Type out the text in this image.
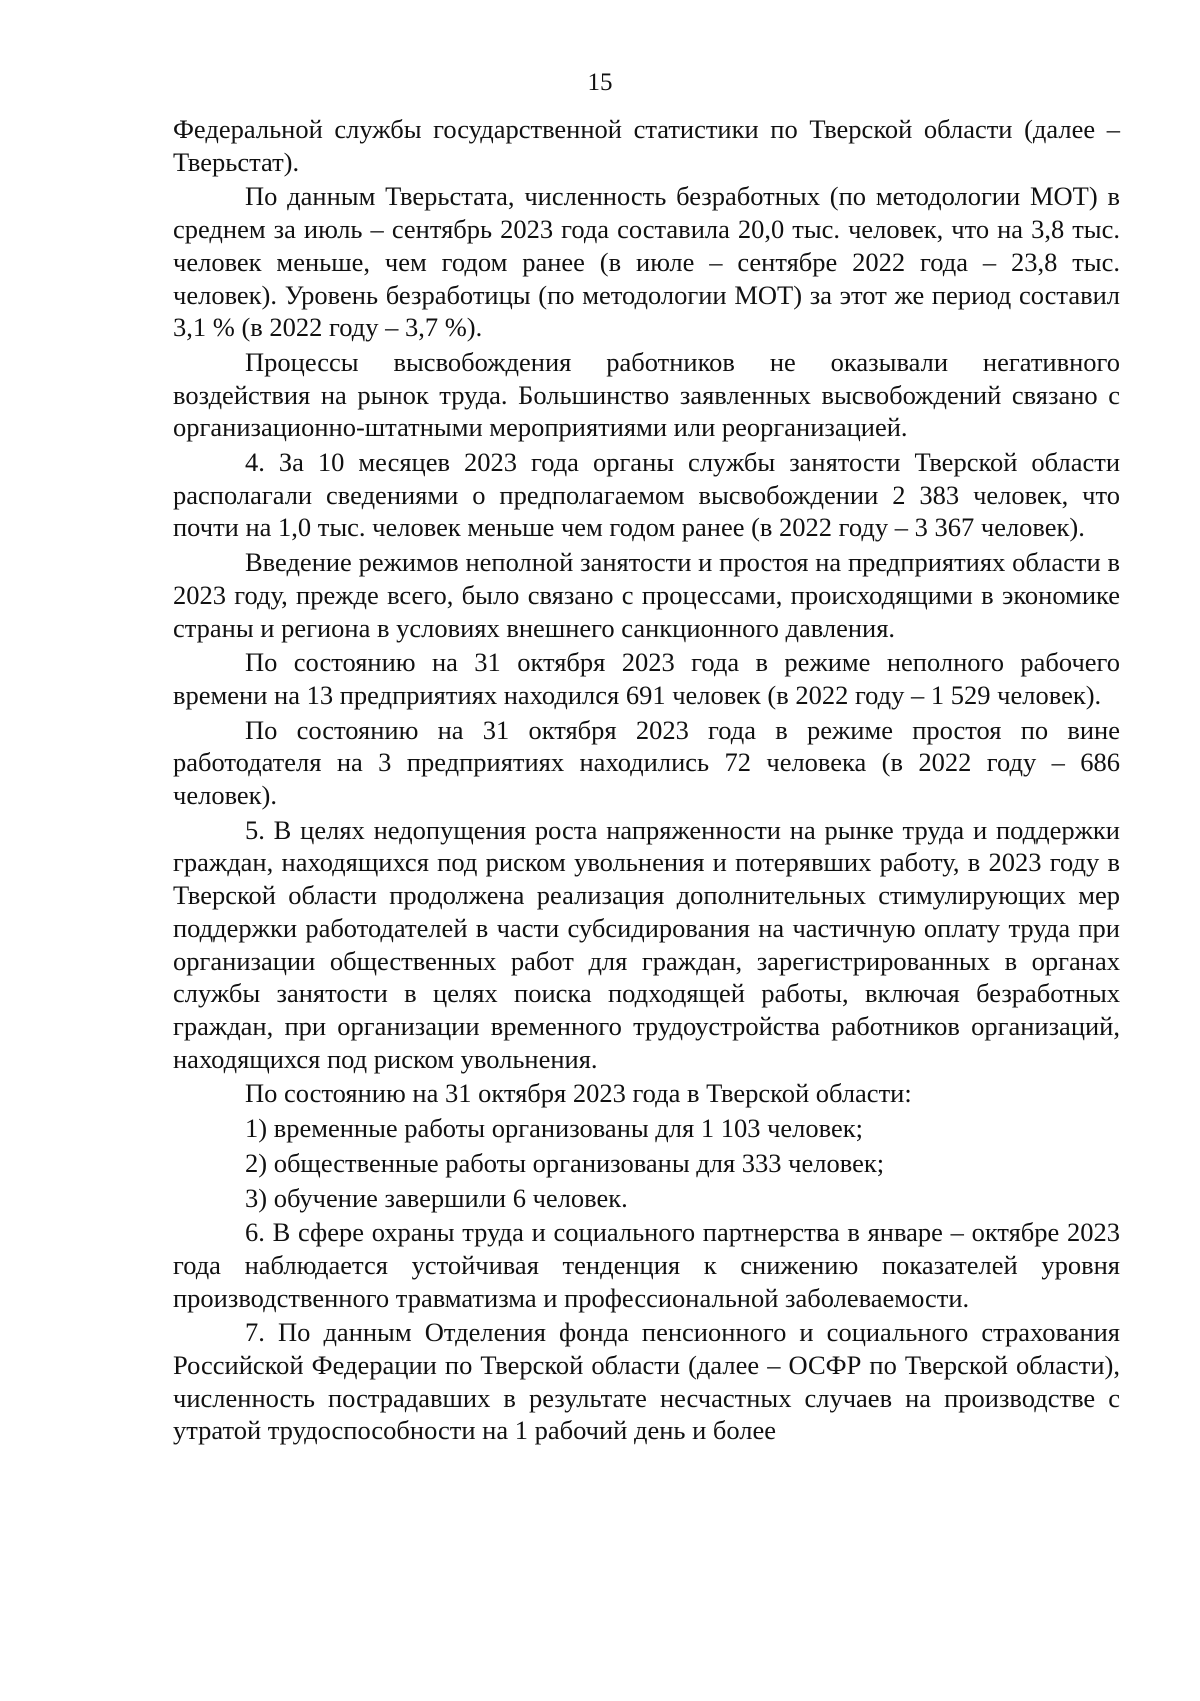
15

Федеральной службы государственной статистики по Тверской области (далее – Тверьстат).

По данным Тверьстата, численность безработных (по методологии МОТ) в среднем за июль – сентябрь 2023 года составила 20,0 тыс. человек, что на 3,8 тыс. человек меньше, чем годом ранее (в июле – сентябре 2022 года – 23,8 тыс. человек). Уровень безработицы (по методологии МОТ) за этот же период составил 3,1 % (в 2022 году – 3,7 %).

Процессы высвобождения работников не оказывали негативного воздействия на рынок труда. Большинство заявленных высвобождений связано с организационно-штатными мероприятиями или реорганизацией.

4. За 10 месяцев 2023 года органы службы занятости Тверской области располагали сведениями о предполагаемом высвобождении 2 383 человек, что почти на 1,0 тыс. человек меньше чем годом ранее (в 2022 году – 3 367 человек).

Введение режимов неполной занятости и простоя на предприятиях области в 2023 году, прежде всего, было связано с процессами, происходящими в экономике страны и региона в условиях внешнего санкционного давления.

По состоянию на 31 октября 2023 года в режиме неполного рабочего времени на 13 предприятиях находился 691 человек (в 2022 году – 1 529 человек).

По состоянию на 31 октября 2023 года в режиме простоя по вине работодателя на 3 предприятиях находились 72 человека (в 2022 году – 686 человек).

5. В целях недопущения роста напряженности на рынке труда и поддержки граждан, находящихся под риском увольнения и потерявших работу, в 2023 году в Тверской области продолжена реализация дополнительных стимулирующих мер поддержки работодателей в части субсидирования на частичную оплату труда при организации общественных работ для граждан, зарегистрированных в органах службы занятости в целях поиска подходящей работы, включая безработных граждан, при организации временного трудоустройства работников организаций, находящихся под риском увольнения.

По состоянию на 31 октября 2023 года в Тверской области:

1) временные работы организованы для 1 103 человек;

2) общественные работы организованы для 333 человек;

3) обучение завершили 6 человек.

6. В сфере охраны труда и социального партнерства в январе – октябре 2023 года наблюдается устойчивая тенденция к снижению показателей уровня производственного травматизма и профессиональной заболеваемости.

7. По данным Отделения фонда пенсионного и социального страхования Российской Федерации по Тверской области (далее – ОСФР по Тверской области), численность пострадавших в результате несчастных случаев на производстве с утратой трудоспособности на 1 рабочий день и более
